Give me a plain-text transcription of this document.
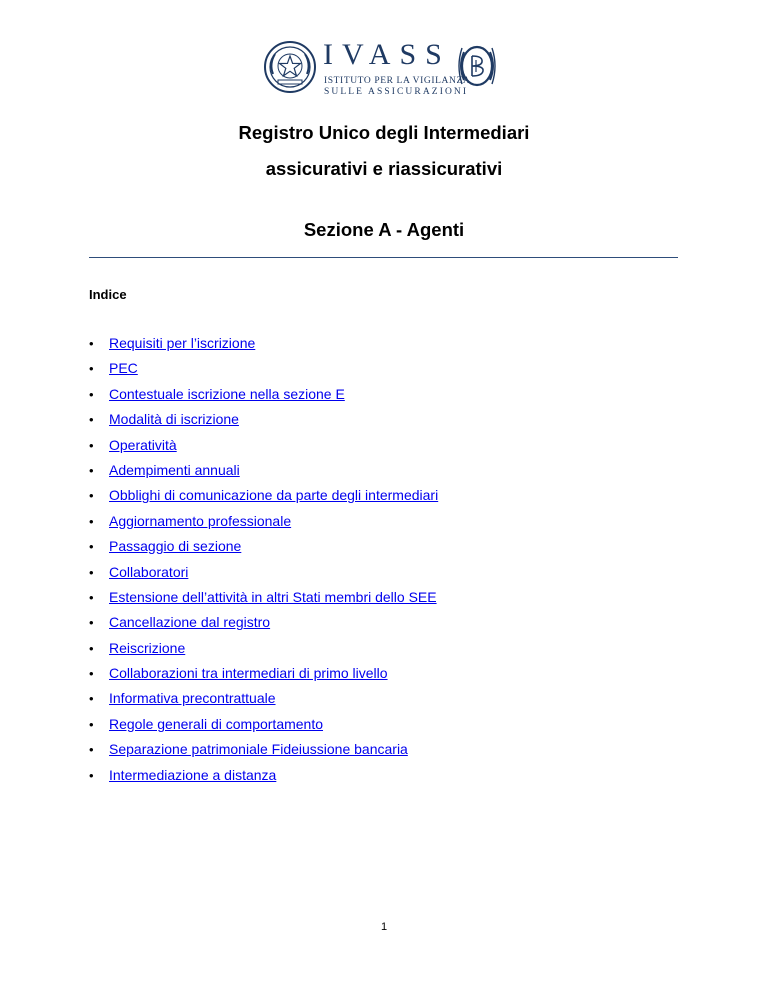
IVASS
ISTITUTO PER LA VIGILANZA
SULLE ASSICURAZIONI
Registro Unico degli Intermediari
assicurativi e riassicurativi
Sezione A - Agenti
Indice
• Requisiti per l’iscrizione
• PEC
• Contestuale iscrizione nella sezione E
• Modalità di iscrizione
• Operatività
• Adempimenti annuali
• Obblighi di comunicazione da parte degli intermediari
• Aggiornamento professionale
• Passaggio di sezione
• Collaboratori
• Estensione dell’attività in altri Stati membri dello SEE
• Cancellazione dal registro
• Reiscrizione
• Collaborazioni tra intermediari di primo livello
• Informativa precontrattuale
• Regole generali di comportamento
• Separazione patrimoniale Fideiussione bancaria
• Intermediazione a distanza
1
